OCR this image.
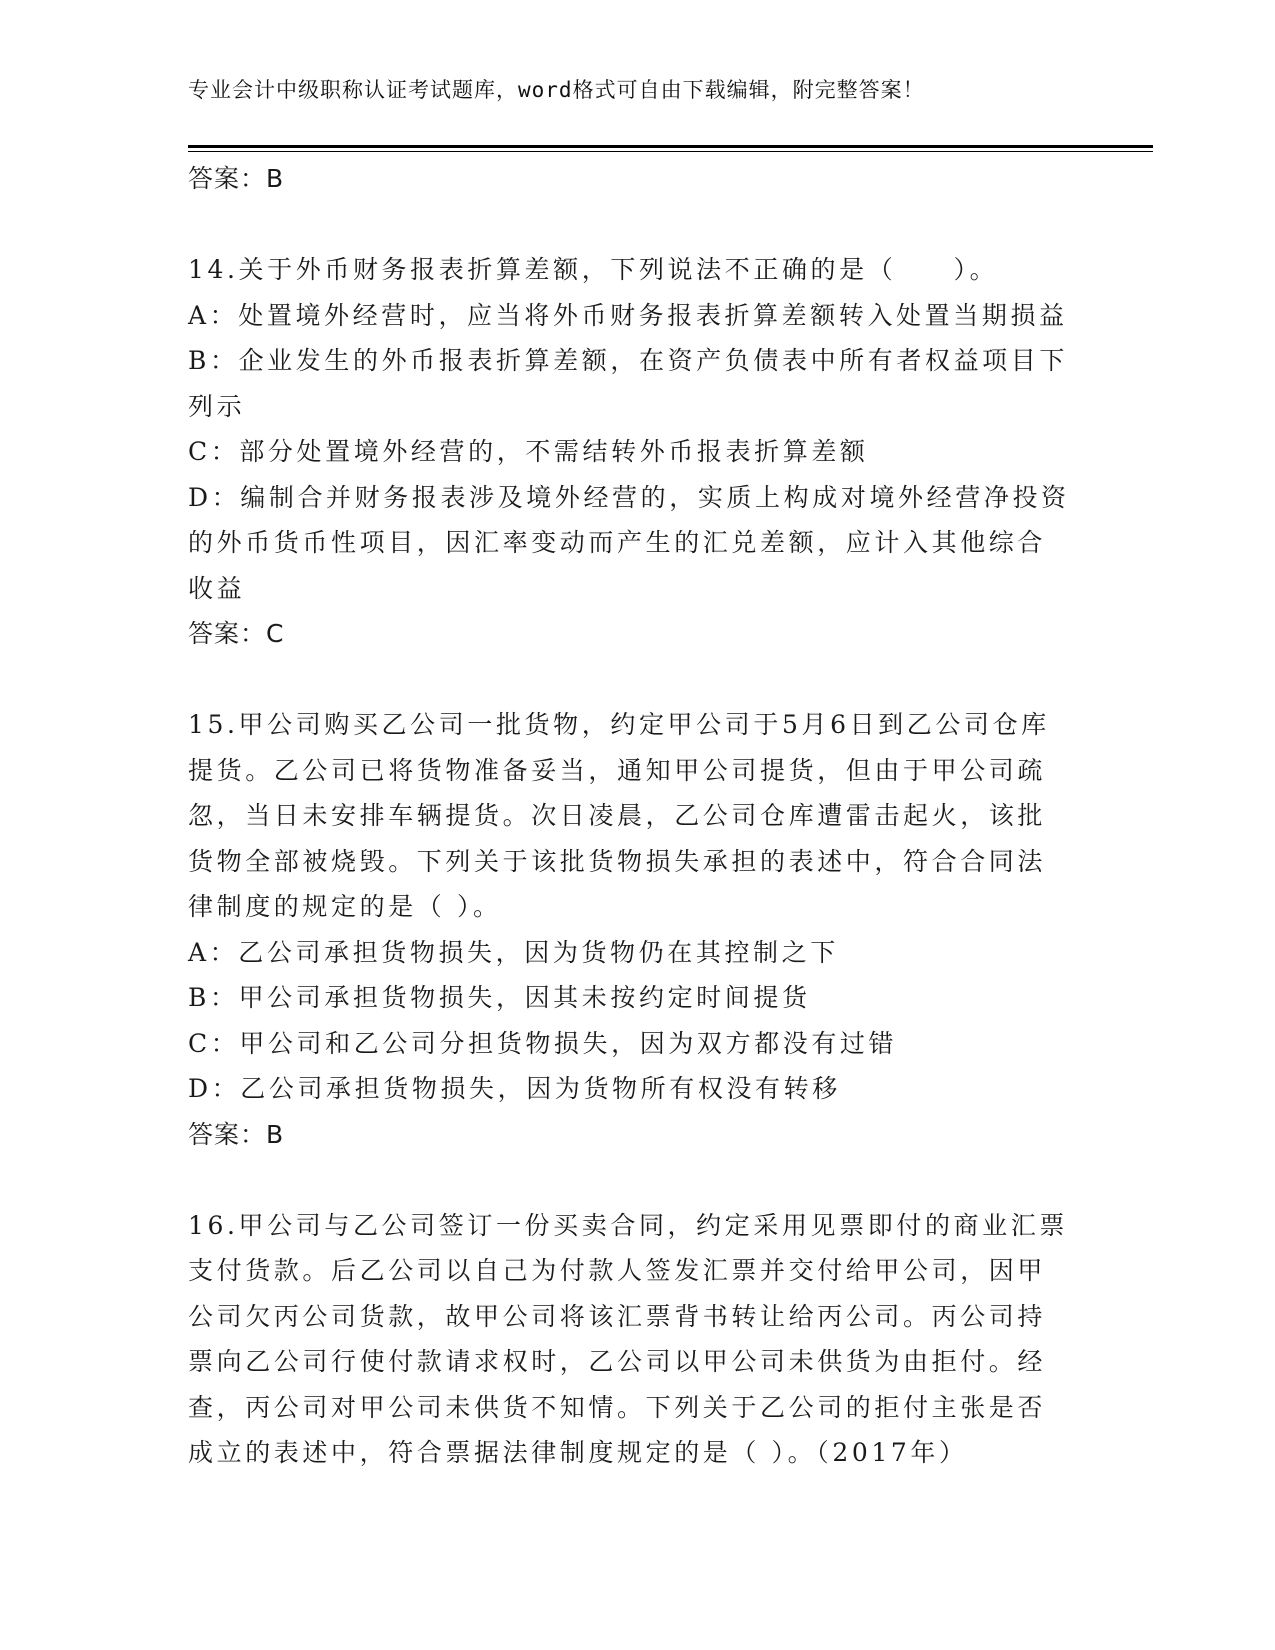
专业会计中级职称认证考试题库，word格式可自由下载编辑，附完整答案！
答案：B
14.关于外币财务报表折算差额，下列说法不正确的是（　　）。
A：处置境外经营时，应当将外币财务报表折算差额转入处置当期损益
B：企业发生的外币报表折算差额，在资产负债表中所有者权益项目下
列示
C：部分处置境外经营的，不需结转外币报表折算差额
D：编制合并财务报表涉及境外经营的，实质上构成对境外经营净投资
的外币货币性项目，因汇率变动而产生的汇兑差额，应计入其他综合
收益
答案：C
15.甲公司购买乙公司一批货物，约定甲公司于5月6日到乙公司仓库
提货。乙公司已将货物准备妥当，通知甲公司提货，但由于甲公司疏
忽，当日未安排车辆提货。次日凌晨，乙公司仓库遭雷击起火，该批
货物全部被烧毁。下列关于该批货物损失承担的表述中，符合合同法
律制度的规定的是（ ）。
A：乙公司承担货物损失，因为货物仍在其控制之下
B：甲公司承担货物损失，因其未按约定时间提货
C：甲公司和乙公司分担货物损失，因为双方都没有过错
D：乙公司承担货物损失，因为货物所有权没有转移
答案：B
16.甲公司与乙公司签订一份买卖合同，约定采用见票即付的商业汇票
支付货款。后乙公司以自己为付款人签发汇票并交付给甲公司，因甲
公司欠丙公司货款，故甲公司将该汇票背书转让给丙公司。丙公司持
票向乙公司行使付款请求权时，乙公司以甲公司未供货为由拒付。经
查，丙公司对甲公司未供货不知情。下列关于乙公司的拒付主张是否
成立的表述中，符合票据法律制度规定的是（ ）。（2017年）
